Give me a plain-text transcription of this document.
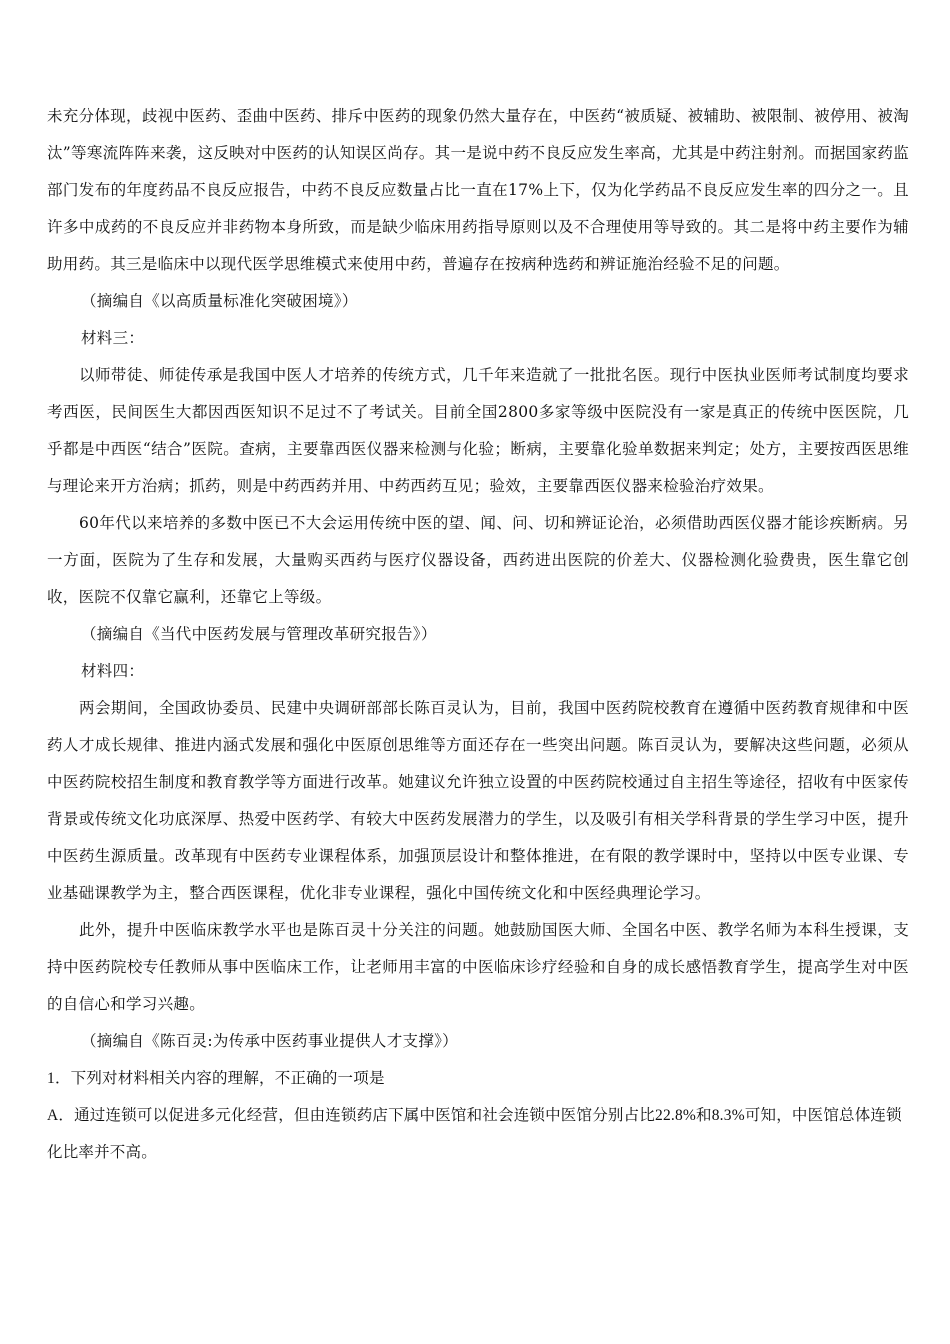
未充分体现，歧视中医药、歪曲中医药、排斥中医药的现象仍然大量存在，中医药“被质疑、被辅助、被限制、被停用、被淘汰”等寒流阵阵来袭，这反映对中医药的认知误区尚存。其一是说中药不良反应发生率高，尤其是中药注射剂。而据国家药监部门发布的年度药品不良反应报告，中药不良反应数量占比一直在17%上下，仅为化学药品不良反应发生率的四分之一。且许多中成药的不良反应并非药物本身所致，而是缺少临床用药指导原则以及不合理使用等导致的。其二是将中药主要作为辅助用药。其三是临床中以现代医学思维模式来使用中药，普遍存在按病种选药和辨证施治经验不足的问题。

（摘编自《以高质量标准化突破困境》）

材料三：

以师带徒、师徒传承是我国中医人才培养的传统方式，几千年来造就了一批批名医。现行中医执业医师考试制度均要求考西医，民间医生大都因西医知识不足过不了考试关。目前全国2800多家等级中医院没有一家是真正的传统中医医院，几乎都是中西医“结合”医院。查病，主要靠西医仪器来检测与化验；断病，主要靠化验单数据来判定；处方，主要按西医思维与理论来开方治病；抓药，则是中药西药并用、中药西药互见；验效，主要靠西医仪器来检验治疗效果。

60年代以来培养的多数中医已不大会运用传统中医的望、闻、问、切和辨证论治，必须借助西医仪器才能诊疾断病。另一方面，医院为了生存和发展，大量购买西药与医疗仪器设备，西药进出医院的价差大、仪器检测化验费贵，医生靠它创收，医院不仅靠它赢利，还靠它上等级。

（摘编自《当代中医药发展与管理改革研究报告》）

材料四：

两会期间，全国政协委员、民建中央调研部部长陈百灵认为，目前，我国中医药院校教育在遵循中医药教育规律和中医药人才成长规律、推进内涵式发展和强化中医原创思维等方面还存在一些突出问题。陈百灵认为，要解决这些问题，必须从中医药院校招生制度和教育教学等方面进行改革。她建议允许独立设置的中医药院校通过自主招生等途径，招收有中医家传背景或传统文化功底深厚、热爱中医药学、有较大中医药发展潜力的学生，以及吸引有相关学科背景的学生学习中医，提升中医药生源质量。改革现有中医药专业课程体系，加强顶层设计和整体推进，在有限的教学课时中，坚持以中医专业课、专业基础课教学为主，整合西医课程，优化非专业课程，强化中国传统文化和中医经典理论学习。

此外，提升中医临床教学水平也是陈百灵十分关注的问题。她鼓励国医大师、全国名中医、教学名师为本科生授课，支持中医药院校专任教师从事中医临床工作，让老师用丰富的中医临床诊疗经验和自身的成长感悟教育学生，提高学生对中医的自信心和学习兴趣。

（摘编自《陈百灵:为传承中医药事业提供人才支撑》）

1．下列对材料相关内容的理解，不正确的一项是

A．通过连锁可以促进多元化经营，但由连锁药店下属中医馆和社会连锁中医馆分别占比22.8%和8.3%可知，中医馆总体连锁化比率并不高。
